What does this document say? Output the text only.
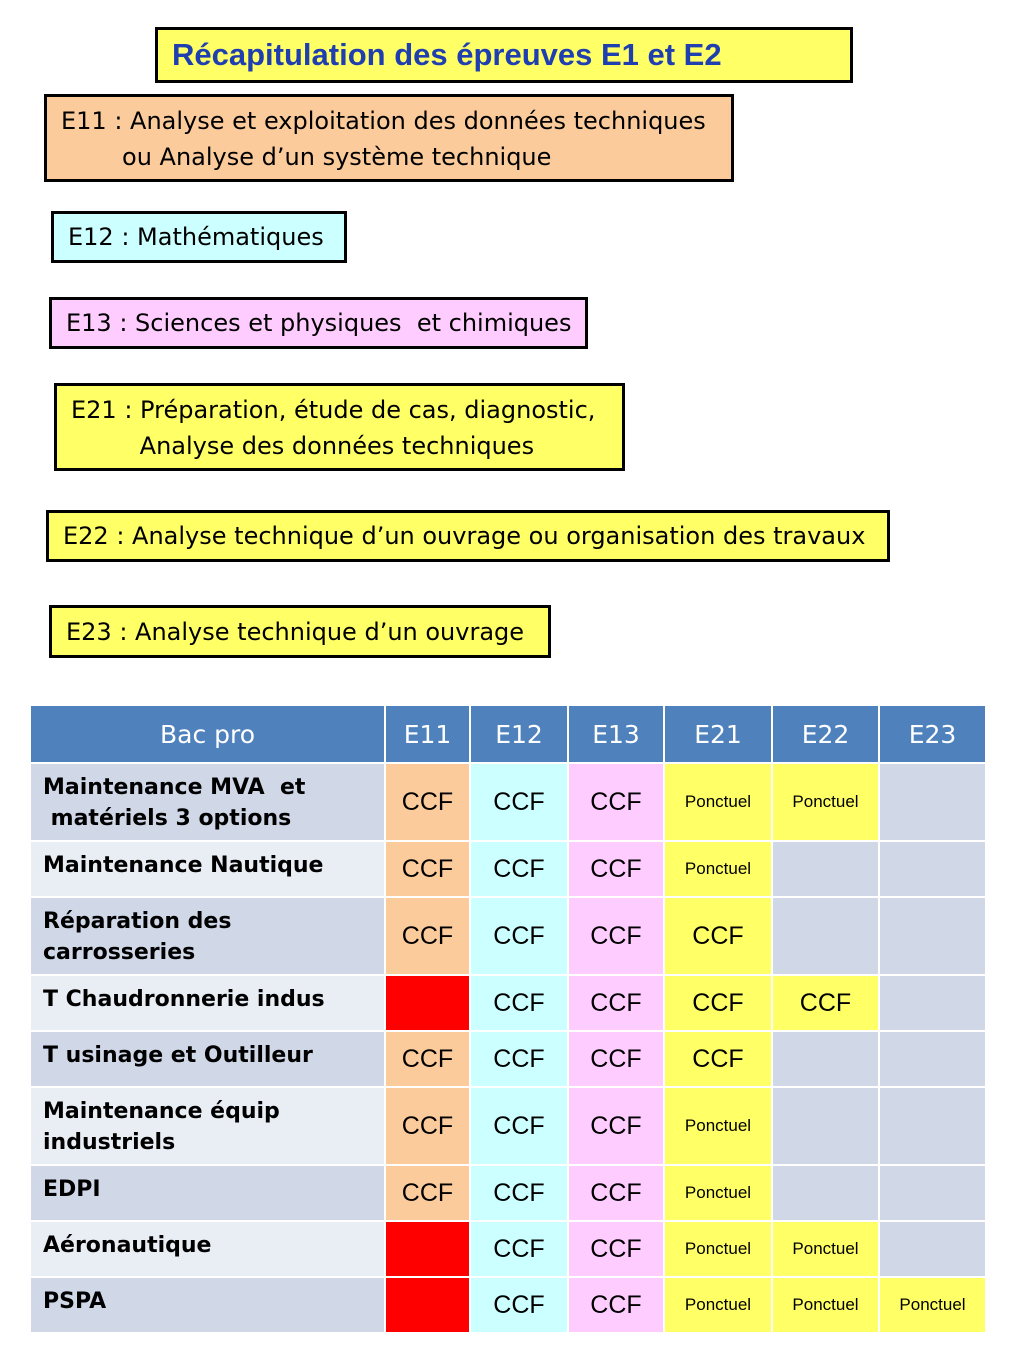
Récapitulation des épreuves E1 et E2
E11 : Analyse et exploitation des données techniques
ou Analyse d’un système technique
E12 : Mathématiques
E13 : Sciences et physiques  et chimiques
E21 : Préparation, étude de cas, diagnostic,
Analyse des données techniques
E22 : Analyse technique d’un ouvrage ou organisation des travaux
E23 : Analyse technique d’un ouvrage
Bac pro	E11	E12	E13	E21	E22	E23
Maintenance MVA  et
matériels 3 options	CCF	CCF	CCF	Ponctuel	Ponctuel	
Maintenance Nautique	CCF	CCF	CCF	Ponctuel		
Réparation des
carrosseries	CCF	CCF	CCF	CCF		
T Chaudronnerie indus		CCF	CCF	CCF	CCF	
T usinage et Outilleur	CCF	CCF	CCF	CCF		
Maintenance équip
industriels	CCF	CCF	CCF	Ponctuel		
EDPI	CCF	CCF	CCF	Ponctuel		
Aéronautique		CCF	CCF	Ponctuel	Ponctuel	
PSPA		CCF	CCF	Ponctuel	Ponctuel	Ponctuel
